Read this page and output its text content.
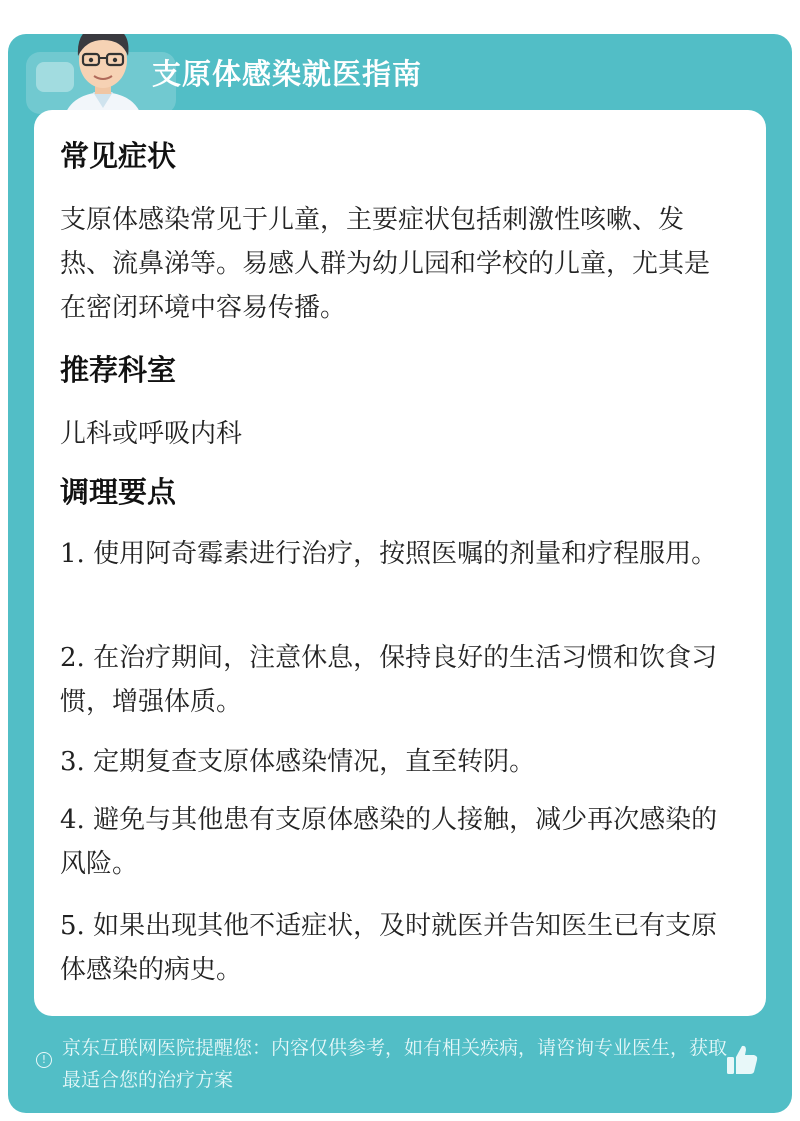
支原体感染就医指南
常见症状

支原体感染常见于儿童，主要症状包括刺激性咳嗽、发热、流鼻涕等。易感人群为幼儿园和学校的儿童，尤其是在密闭环境中容易传播。

推荐科室

儿科或呼吸内科

调理要点

1. 使用阿奇霉素进行治疗，按照医嘱的剂量和疗程服用。

2. 在治疗期间，注意休息，保持良好的生活习惯和饮食习惯，增强体质。

3. 定期复查支原体感染情况，直至转阴。

4. 避免与其他患有支原体感染的人接触，减少再次感染的风险。

5. 如果出现其他不适症状，及时就医并告知医生已有支原体感染的病史。

!
京东互联网医院提醒您：内容仅供参考，如有相关疾病，请咨询专业医生，获取最适合您的治疗方案
